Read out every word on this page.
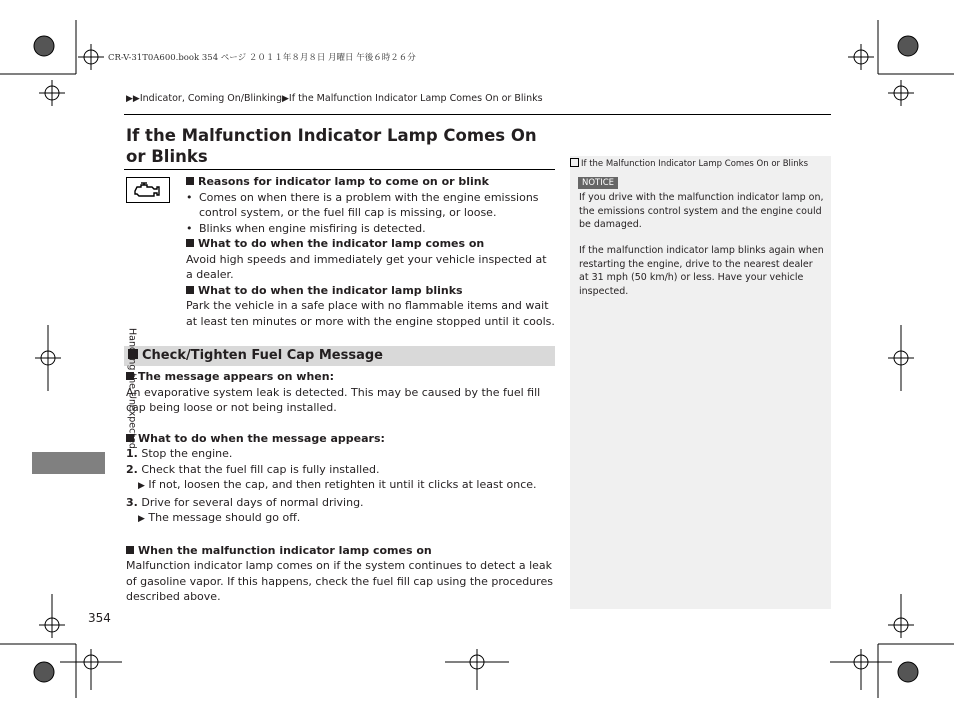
CR-V-31T0A600.book 354 ページ ２０１１年８月８日 月曜日 午後６時２６分
▶▶Indicator, Coming On/Blinking▶If the Malfunction Indicator Lamp Comes On or Blinks
If the Malfunction Indicator Lamp Comes On or Blinks
Reasons for indicator lamp to come on or blink
• Comes on when there is a problem with the engine emissions control system, or the fuel fill cap is missing, or loose.
• Blinks when engine misfiring is detected.
What to do when the indicator lamp comes on
Avoid high speeds and immediately get your vehicle inspected at a dealer.
What to do when the indicator lamp blinks
Park the vehicle in a safe place with no flammable items and wait at least ten minutes or more with the engine stopped until it cools.
Check/Tighten Fuel Cap Message
The message appears on when:
An evaporative system leak is detected. This may be caused by the fuel fill cap being loose or not being installed.
What to do when the message appears:
1. Stop the engine.
2. Check that the fuel fill cap is fully installed.
▶ If not, loosen the cap, and then retighten it until it clicks at least once.
3. Drive for several days of normal driving.
▶ The message should go off.
When the malfunction indicator lamp comes on
Malfunction indicator lamp comes on if the system continues to detect a leak of gasoline vapor. If this happens, check the fuel fill cap using the procedures described above.
If the Malfunction Indicator Lamp Comes On or Blinks
NOTICE
If you drive with the malfunction indicator lamp on, the emissions control system and the engine could be damaged.
If the malfunction indicator lamp blinks again when restarting the engine, drive to the nearest dealer at 31 mph (50 km/h) or less. Have your vehicle inspected.
Handling the Unexpected
354
